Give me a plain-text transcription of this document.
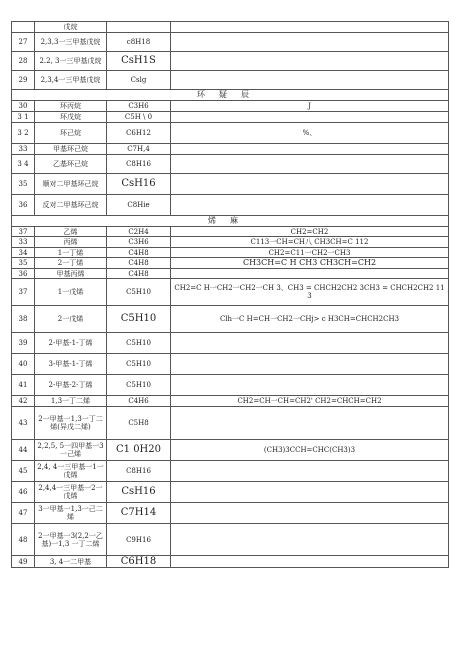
	戊烷		
27	2,3,3一三甲基戊烷	c8H18	
28	2.2, 3一三甲基戊烷	CsH1S	
29	2,3,4一三甲基戊烷	Cslg	
环疑辰			
30	环丙烷	C3H6	J
3 1	环戊烷	C5H \ 0	
3 2	环己烷	C6H12	%、
33	甲基环己烷	C7H,4	
3 4	乙基环己烷	C8H16	
35	顺对二甲基环己烷	CsH16	
36	反对二甲基环己烷	C8Hie	
烯麻			
37	乙烯	C2H4	CH2=CH2
33	丙烯	C3H6	C113一CH=CH八 CH3CH=C 112
34	1一丁烯	C4H8	CH2=C11一CH2一CH3
35	2一丁烯	C4H8	CH3CH=C H CH3 CH3CH=CH2
36	甲基丙烯	C4H8	
37	1一戊烯	C5H10	CH2=C H一CH2一CH2一CH 3、CH3 = CHCH2CH2 3CH3 = CHCH2CH2 113
38	2一戊烯	C5H10	Clh一C H=CH一CH2一CHj> c H3CH=CHCH2CH3
39	2-甲基-1-丁烯	C5H10	
40	3-甲基-1-丁烯	C5H10	
41	2-甲基-2-丁烯	C5H10	
42	1,3一丁二烯	C4H6	CH2=CH一CH=CH2' CH2=CHCH=CH2
43	2一甲基一1,3一丁二烯(异戊二烯)	C5H8	
44	2,2,5, 5一四甲基一3一己烯	C1 0H20	(CH3)3CCH=CHC(CH3)3
45	2,4, 4一三甲基一1一戊烯	C8H16	
46	2,4,4一三甲基一2一戊烯	CsH16	
47	3一甲基一1,3一己二烯	C7H14	
48	2一甲基一3(2,2一乙基)一1,3 一丁二烯	C9H16	
49	3, 4一二甲基	C6H18	
